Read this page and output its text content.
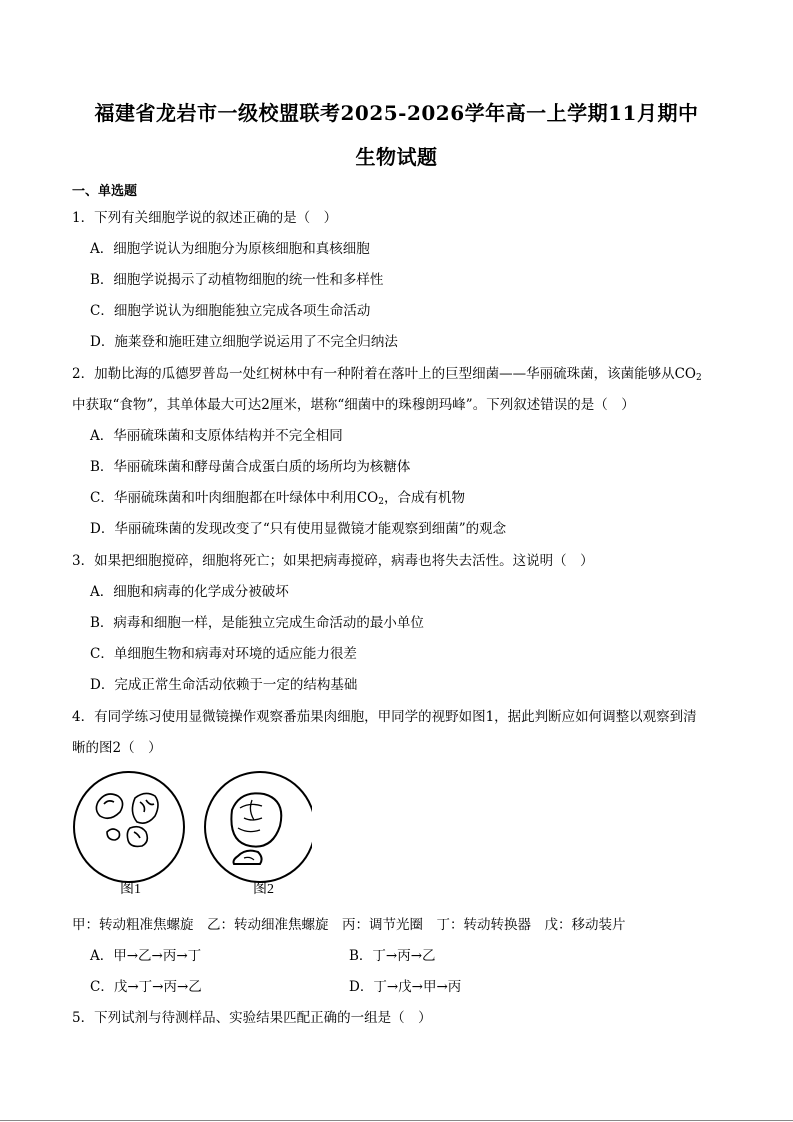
福建省龙岩市一级校盟联考2025-2026学年高一上学期11月期中
生物试题
一、单选题
1．下列有关细胞学说的叙述正确的是（　）
A．细胞学说认为细胞分为原核细胞和真核细胞
B．细胞学说揭示了动植物细胞的统一性和多样性
C．细胞学说认为细胞能独立完成各项生命活动
D．施莱登和施旺建立细胞学说运用了不完全归纳法
2．加勒比海的瓜德罗普岛一处红树林中有一种附着在落叶上的巨型细菌——华丽硫珠菌，该菌能够从$CO_2$
中获取“食物”，其单体最大可达2厘米，堪称“细菌中的珠穆朗玛峰”。下列叙述错误的是（　）
A．华丽硫珠菌和支原体结构并不完全相同
B．华丽硫珠菌和酵母菌合成蛋白质的场所均为核糖体
C．华丽硫珠菌和叶肉细胞都在叶绿体中利用$CO_2$，合成有机物
D．华丽硫珠菌的发现改变了“只有使用显微镜才能观察到细菌”的观念
3．如果把细胞搅碎，细胞将死亡；如果把病毒搅碎，病毒也将失去活性。这说明（　）
A．细胞和病毒的化学成分被破坏
B．病毒和细胞一样，是能独立完成生命活动的最小单位
C．单细胞生物和病毒对环境的适应能力很差
D．完成正常生命活动依赖于一定的结构基础
4．有同学练习使用显微镜操作观察番茄果肉细胞，甲同学的视野如图1，据此判断应如何调整以观察到清
晰的图2（　）
图1	图2
甲：转动粗准焦螺旋　乙：转动细准焦螺旋　丙：调节光圈　丁：转动转换器　戊：移动装片
A．甲→乙→丙→丁	B．丁→丙→乙
C．戊→丁→丙→乙	D．丁→戊→甲→丙
5．下列试剂与待测样品、实验结果匹配正确的一组是（　）
